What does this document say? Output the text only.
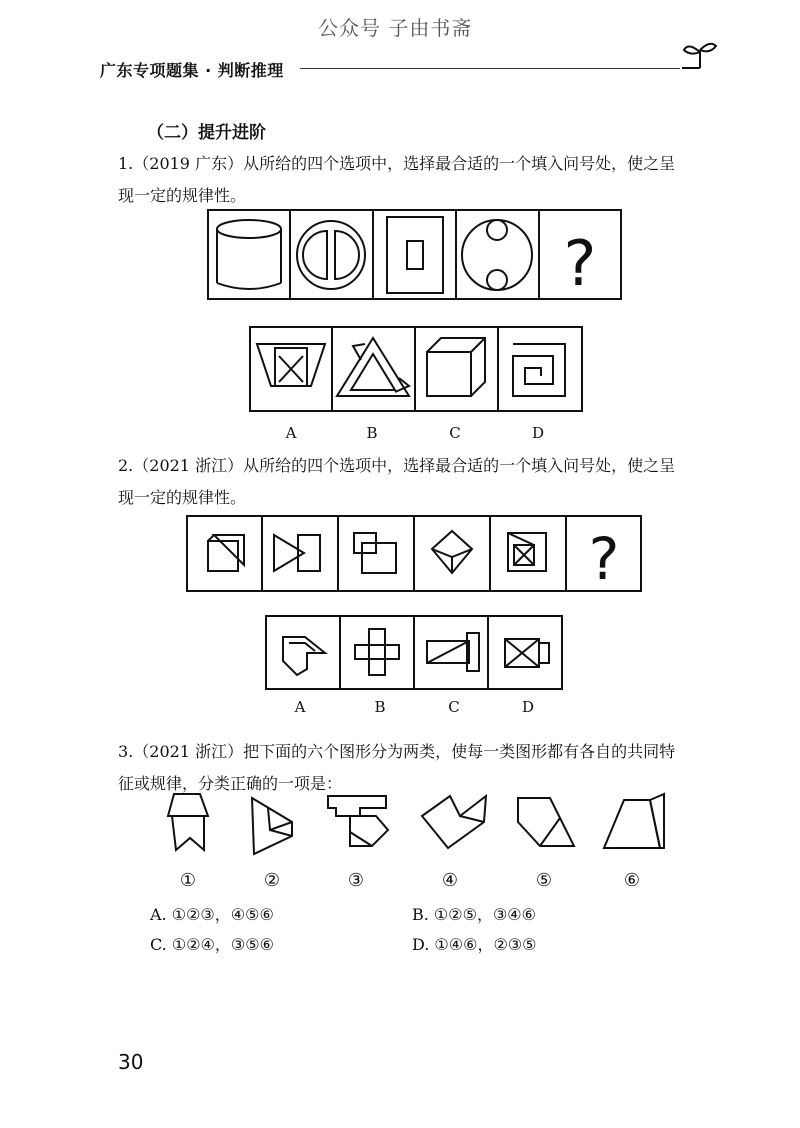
公众号 子由书斋
广东专项题集 · 判断推理
（二）提升进阶
1.（2019 广东）从所给的四个选项中，选择最合适的一个填入问号处，使之呈
现一定的规律性。
?
A	B	C	D
2.（2021 浙江）从所给的四个选项中，选择最合适的一个填入问号处，使之呈
现一定的规律性。
?
A	B	C	D
3.（2021 浙江）把下面的六个图形分为两类，使每一类图形都有各自的共同特
征或规律，分类正确的一项是：
①	②	③	④	⑤	⑥
A. ①②③，④⑤⑥	B. ①②⑤，③④⑥
C. ①②④，③⑤⑥	D. ①④⑥，②③⑤
30
